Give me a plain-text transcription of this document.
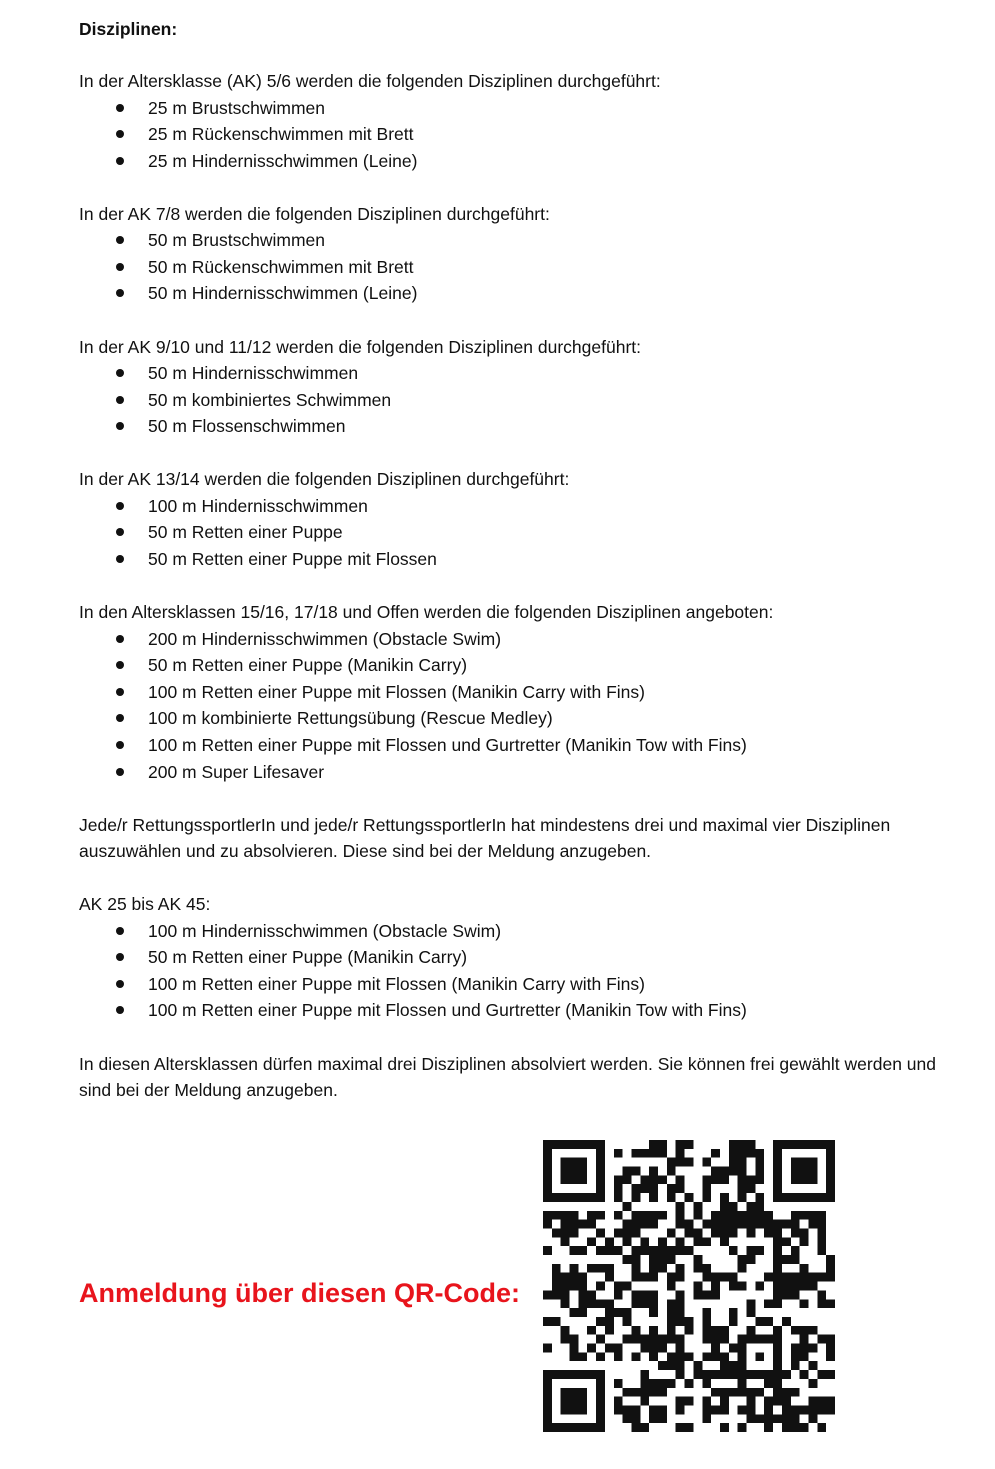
Disziplinen:

In der Altersklasse (AK) 5/6 werden die folgenden Disziplinen durchgeführt:

25 m Brustschwimmen
25 m Rückenschwimmen mit Brett
25 m Hindernisschwimmen (Leine)

In der AK 7/8 werden die folgenden Disziplinen durchgeführt:

50 m Brustschwimmen
50 m Rückenschwimmen mit Brett
50 m Hindernisschwimmen (Leine)

In der AK 9/10 und 11/12 werden die folgenden Disziplinen durchgeführt:

50 m Hindernisschwimmen
50 m kombiniertes Schwimmen
50 m Flossenschwimmen

In der AK 13/14 werden die folgenden Disziplinen durchgeführt:

100 m Hindernisschwimmen
50 m Retten einer Puppe
50 m Retten einer Puppe mit Flossen

In den Altersklassen 15/16, 17/18 und Offen werden die folgenden Disziplinen angeboten:

200 m Hindernisschwimmen (Obstacle Swim)
50 m Retten einer Puppe (Manikin Carry)
100 m Retten einer Puppe mit Flossen (Manikin Carry with Fins)
100 m kombinierte Rettungsübung (Rescue Medley)
100 m Retten einer Puppe mit Flossen und Gurtretter (Manikin Tow with Fins)
200 m Super Lifesaver

Jede/r RettungssportlerIn und jede/r RettungssportlerIn hat mindestens drei und maximal vier Disziplinen auszuwählen und zu absolvieren. Diese sind bei der Meldung anzugeben.

AK 25 bis AK 45:

100 m Hindernisschwimmen (Obstacle Swim)
50 m Retten einer Puppe (Manikin Carry)
100 m Retten einer Puppe mit Flossen (Manikin Carry with Fins)
100 m Retten einer Puppe mit Flossen und Gurtretter (Manikin Tow with Fins)

In diesen Altersklassen dürfen maximal drei Disziplinen absolviert werden. Sie können frei gewählt werden und sind bei der Meldung anzugeben.

Anmeldung über diesen QR-Code:
